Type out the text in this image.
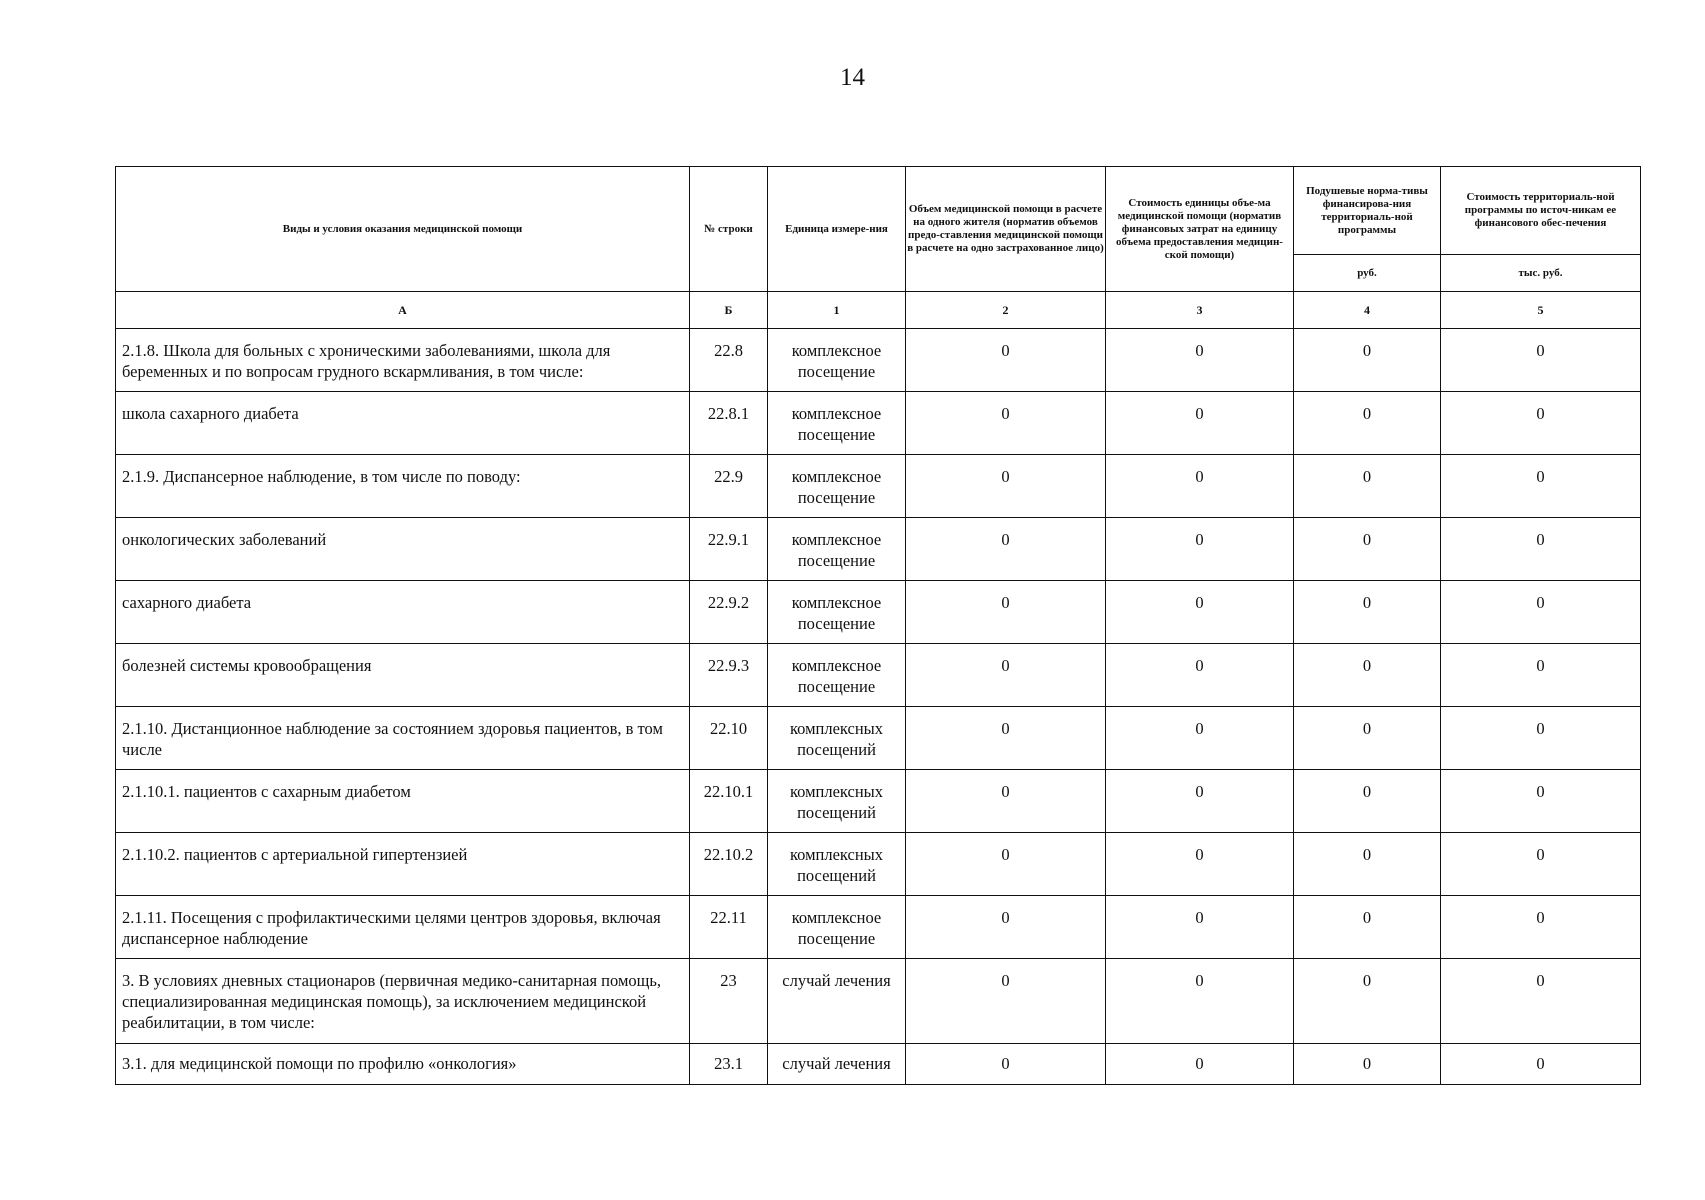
14
Виды и условия оказания медицинской помощи	№ строки	Единица измере-ния	Объем медицинской помощи в расчете на одного жителя (норматив объемов предо-ставления медицинской помощи в расчете на одно застрахованное лицо)	Стоимость единицы объе-ма медицинской помощи (норматив финансовых затрат на единицу объема предоставления медицин-ской помощи)	Подушевые норма-тивы финансирова-ния территориаль-ной программы	Стоимость территориаль-ной программы по источ-никам ее финансового обес-печения
					руб.	тыс. руб.
А	Б	1	2	3	4	5
2.1.8. Школа для больных с хроническими заболеваниями, школа для беременных и по вопросам грудного вскармливания, в том числе:	22.8	комплексное посещение	0	0	0	0
школа сахарного диабета	22.8.1	комплексное посещение	0	0	0	0
2.1.9. Диспансерное наблюдение, в том числе по поводу:	22.9	комплексное посещение	0	0	0	0
онкологических заболеваний	22.9.1	комплексное посещение	0	0	0	0
сахарного диабета	22.9.2	комплексное посещение	0	0	0	0
болезней системы кровообращения	22.9.3	комплексное посещение	0	0	0	0
2.1.10. Дистанционное наблюдение за состоянием здоровья пациентов, в том числе	22.10	комплексных посещений	0	0	0	0
2.1.10.1. пациентов с сахарным диабетом	22.10.1	комплексных посещений	0	0	0	0
2.1.10.2. пациентов с артериальной гипертензией	22.10.2	комплексных посещений	0	0	0	0
2.1.11. Посещения с профилактическими целями центров здоровья, включая диспансерное наблюдение	22.11	комплексное посещение	0	0	0	0
3. В условиях дневных стационаров (первичная медико-санитарная помощь, специализированная медицинская помощь), за исключением медицинской реабилитации, в том числе:	23	случай лечения	0	0	0	0
3.1. для медицинской помощи по профилю «онкология»	23.1	случай лечения	0	0	0	0
